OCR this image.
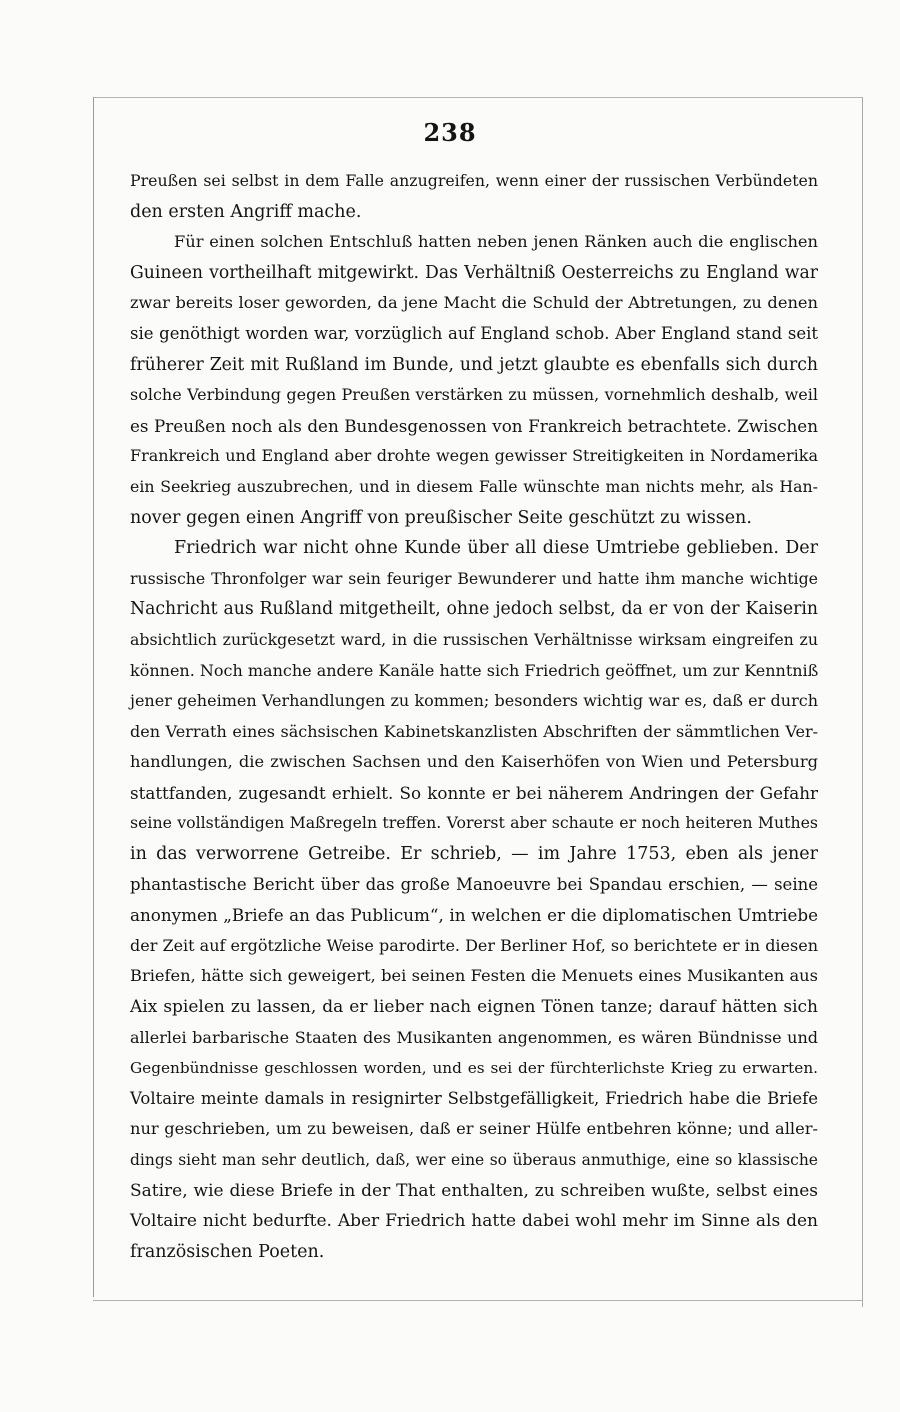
238
Preußen sei selbst in dem Falle anzugreifen, wenn einer der russischen Verbündeten
den ersten Angriff mache.
Für einen solchen Entschluß hatten neben jenen Ränken auch die englischen
Guineen vortheilhaft mitgewirkt. Das Verhältniß Oesterreichs zu England war
zwar bereits loser geworden, da jene Macht die Schuld der Abtretungen, zu denen
sie genöthigt worden war, vorzüglich auf England schob. Aber England stand seit
früherer Zeit mit Rußland im Bunde, und jetzt glaubte es ebenfalls sich durch
solche Verbindung gegen Preußen verstärken zu müssen, vornehmlich deshalb, weil
es Preußen noch als den Bundesgenossen von Frankreich betrachtete. Zwischen
Frankreich und England aber drohte wegen gewisser Streitigkeiten in Nordamerika
ein Seekrieg auszubrechen, und in diesem Falle wünschte man nichts mehr, als Han-
nover gegen einen Angriff von preußischer Seite geschützt zu wissen.
Friedrich war nicht ohne Kunde über all diese Umtriebe geblieben. Der
russische Thronfolger war sein feuriger Bewunderer und hatte ihm manche wichtige
Nachricht aus Rußland mitgetheilt, ohne jedoch selbst, da er von der Kaiserin
absichtlich zurückgesetzt ward, in die russischen Verhältnisse wirksam eingreifen zu
können. Noch manche andere Kanäle hatte sich Friedrich geöffnet, um zur Kenntniß
jener geheimen Verhandlungen zu kommen; besonders wichtig war es, daß er durch
den Verrath eines sächsischen Kabinetskanzlisten Abschriften der sämmtlichen Ver-
handlungen, die zwischen Sachsen und den Kaiserhöfen von Wien und Petersburg
stattfanden, zugesandt erhielt. So konnte er bei näherem Andringen der Gefahr
seine vollständigen Maßregeln treffen. Vorerst aber schaute er noch heiteren Muthes
in das verworrene Getreibe. Er schrieb, — im Jahre 1753, eben als jener
phantastische Bericht über das große Manoeuvre bei Spandau erschien, — seine
anonymen „Briefe an das Publicum“, in welchen er die diplomatischen Umtriebe
der Zeit auf ergötzliche Weise parodirte. Der Berliner Hof, so berichtete er in diesen
Briefen, hätte sich geweigert, bei seinen Festen die Menuets eines Musikanten aus
Aix spielen zu lassen, da er lieber nach eignen Tönen tanze; darauf hätten sich
allerlei barbarische Staaten des Musikanten angenommen, es wären Bündnisse und
Gegenbündnisse geschlossen worden, und es sei der fürchterlichste Krieg zu erwarten.
Voltaire meinte damals in resignirter Selbstgefälligkeit, Friedrich habe die Briefe
nur geschrieben, um zu beweisen, daß er seiner Hülfe entbehren könne; und aller-
dings sieht man sehr deutlich, daß, wer eine so überaus anmuthige, eine so klassische
Satire, wie diese Briefe in der That enthalten, zu schreiben wußte, selbst eines
Voltaire nicht bedurfte. Aber Friedrich hatte dabei wohl mehr im Sinne als den
französischen Poeten.
